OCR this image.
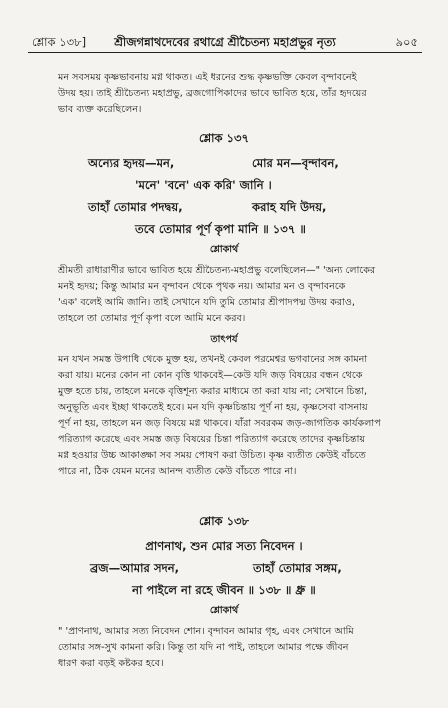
শ্লোক ১৩৮]	শ্রীজগন্নাথদেবের রথাগ্রে শ্রীচৈতন্য মহাপ্রভুর নৃত্য	৯০৫
মন সবসময় কৃষ্ণভাবনায় মগ্ন থাকত। এই ধরনের শুদ্ধ কৃষ্ণভক্তি কেবল বৃন্দাবনেই
উদয় হয়। তাই শ্রীচৈতন্য মহাপ্রভু, ব্রজগোপিকাদের ভাবে ভাবিত হয়ে, তাঁর হৃদয়ের
ভাব ব্যক্ত করেছিলেন।
শ্লোক ১৩৭
অন্যের হৃদয়—মন,	মোর মন—বৃন্দাবন,
'মনে' 'বনে' এক করি' জানি ।
তাহাঁ তোমার পদদ্বয়,	করাহ যদি উদয়,
তবে তোমার পূর্ণ কৃপা মানি ॥ ১৩৭ ॥
শ্লোকার্থ
শ্রীমতী রাধারাণীর ভাবে ভাবিত হয়ে শ্রীচৈতন্য-মহাপ্রভু বলেছিলেন—" 'অন্য লোকের
মনই হৃদয়; কিন্তু আমার মন বৃন্দাবন থেকে পৃথক নয়। আমার মন ও বৃন্দাবনকে
'এক' বলেই আমি জানি। তাই সেখানে যদি তুমি তোমার শ্রীপাদপদ্ম উদয় করাও,
তাহলে তা তোমার পূর্ণ কৃপা বলে আমি মনে করব।
তাৎপর্য
মন যখন সমস্ত উপাধি থেকে মুক্ত হয়, তখনই কেবল পরমেশ্বর ভগবানের সঙ্গ কামনা
করা যায়। মনের কোন না কোন বৃত্তি থাকবেই—কেউ যদি জড় বিষয়ের বন্ধন থেকে
মুক্ত হতে চায়, তাহলে মনকে বৃত্তিশূন্য করার মাধ্যমে তা করা যায় না; সেখানে চিন্তা,
অনুভূতি এবং ইচ্ছা থাকতেই হবে। মন যদি কৃষ্ণচিন্তায় পূর্ণ না হয়, কৃষ্ণসেবা বাসনায়
পূর্ণ না হয়, তাহলে মন জড় বিষয়ে মগ্ন থাকবে। যাঁরা সবরকম জড়-জাগতিক কার্যকলাপ
পরিত্যাগ করেছে এবং সমস্ত জড় বিষয়ের চিন্তা পরিত্যাগ করেছে তাদের কৃষ্ণচিন্তায়
মগ্ন হওয়ার উচ্চ আকাঙ্ক্ষা সব সময় পোষণ করা উচিত। কৃষ্ণ ব্যতীত কেউই বাঁচতে
পারে না, ঠিক যেমন মনের আনন্দ ব্যতীত কেউ বাঁচতে পারে না।
শ্লোক ১৩৮
প্রাণনাথ, শুন মোর সত্য নিবেদন ।
ব্রজ—আমার সদন,	তাহাঁ তোমার সঙ্গম,
না পাইলে না রহে জীবন ॥ ১৩৮ ॥ ধ্রু ॥
শ্লোকার্থ
" 'প্রাণনাথ, আমার সত্য নিবেদন শোন। বৃন্দাবন আমার গৃহ, এবং সেখানে আমি
তোমার সঙ্গ-সুখ কামনা করি। কিন্তু তা যদি না পাই, তাহলে আমার পক্ষে জীবন
ধারণ করা বড়ই কষ্টকর হবে।
